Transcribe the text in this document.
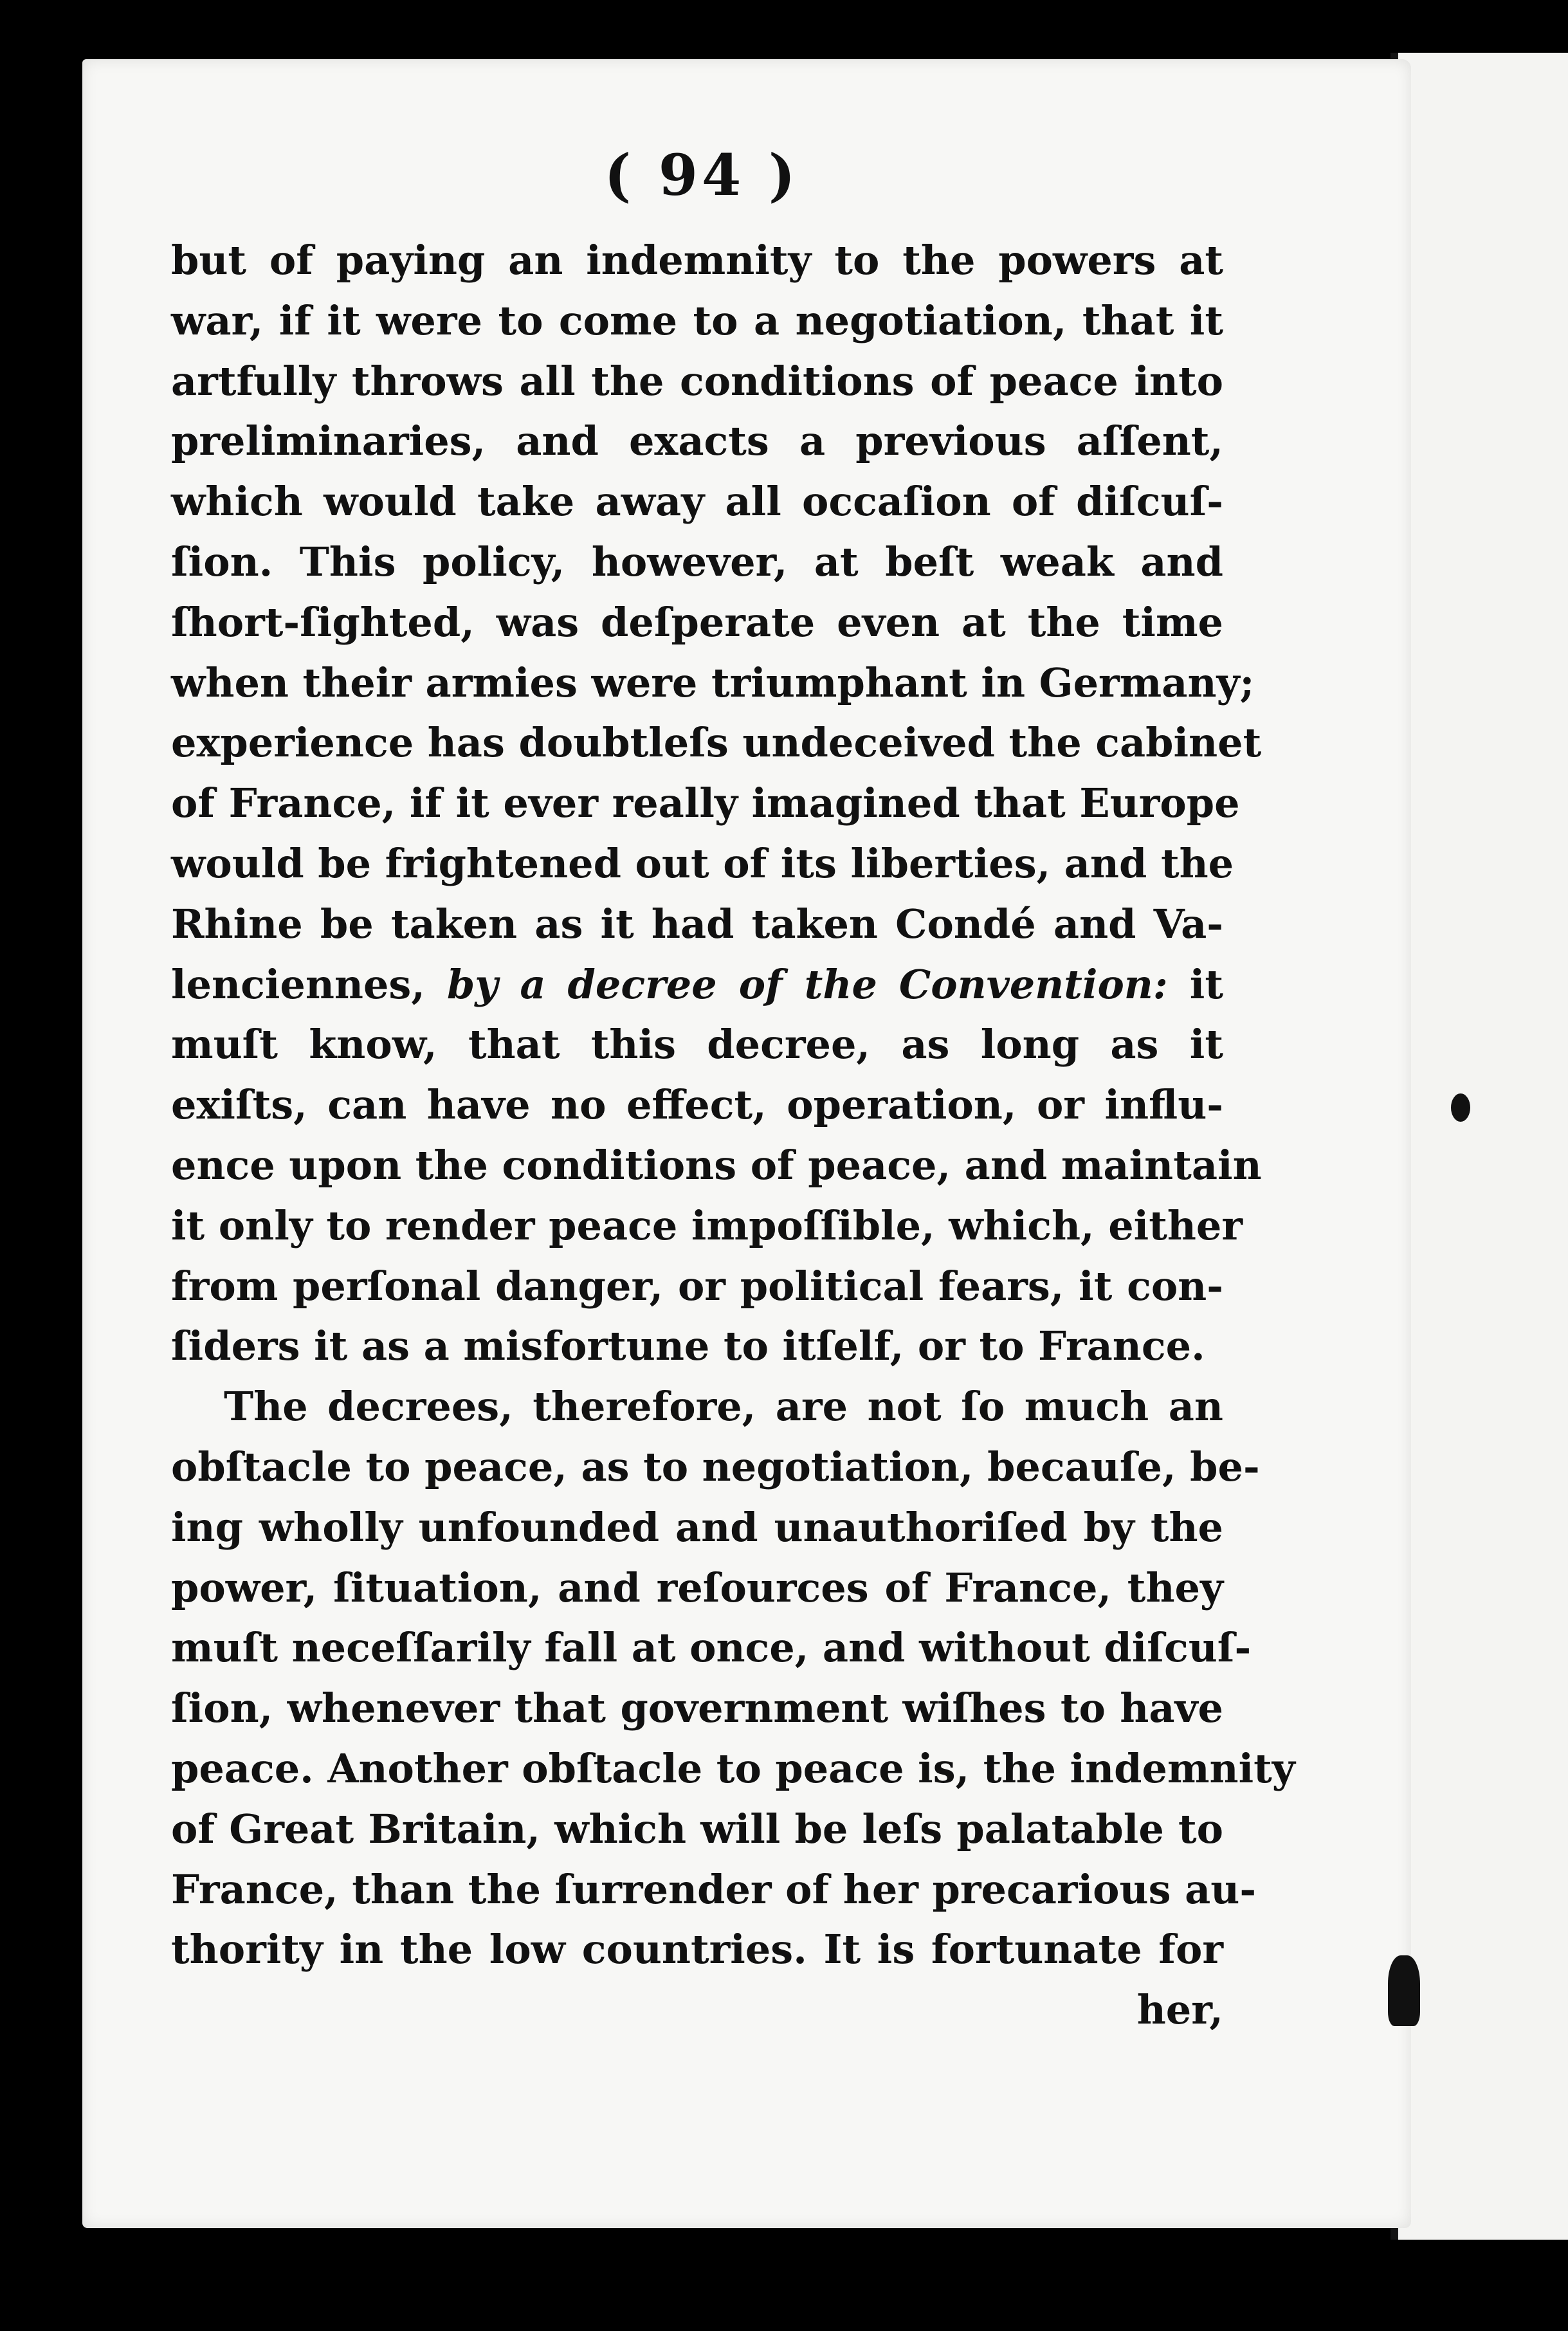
( 94 )
but of paying an indemnity to the powers at
war, if it were to come to a negotiation, that it
artfully throws all the conditions of peace into
preliminaries, and exacts a previous aſſent,
which would take away all occaſion of diſcuſ-
ſion. This policy, however, at beſt weak and
ſhort-ſighted, was deſperate even at the time
when their armies were triumphant in Germany;
experience has doubtleſs undeceived the cabinet
of France, if it ever really imagined that Europe
would be frightened out of its liberties, and the
Rhine be taken as it had taken Condé and Va-
lenciennes, by a decree of the Convention: it
muſt know, that this decree, as long as it
exiſts, can have no effect, operation, or influ-
ence upon the conditions of peace, and maintain
it only to render peace impoſſible, which, either
from perſonal danger, or political fears, it con-
ſiders it as a misfortune to itſelf, or to France.
The decrees, therefore, are not ſo much an
obſtacle to peace, as to negotiation, becauſe, be-
ing wholly unfounded and unauthoriſed by the
power, ſituation, and reſources of France, they
muſt neceſſarily fall at once, and without diſcuſ-
ſion, whenever that government wiſhes to have
peace. Another obſtacle to peace is, the indemnity
of Great Britain, which will be leſs palatable to
France, than the ſurrender of her precarious au-
thority in the low countries. It is fortunate for
her,
